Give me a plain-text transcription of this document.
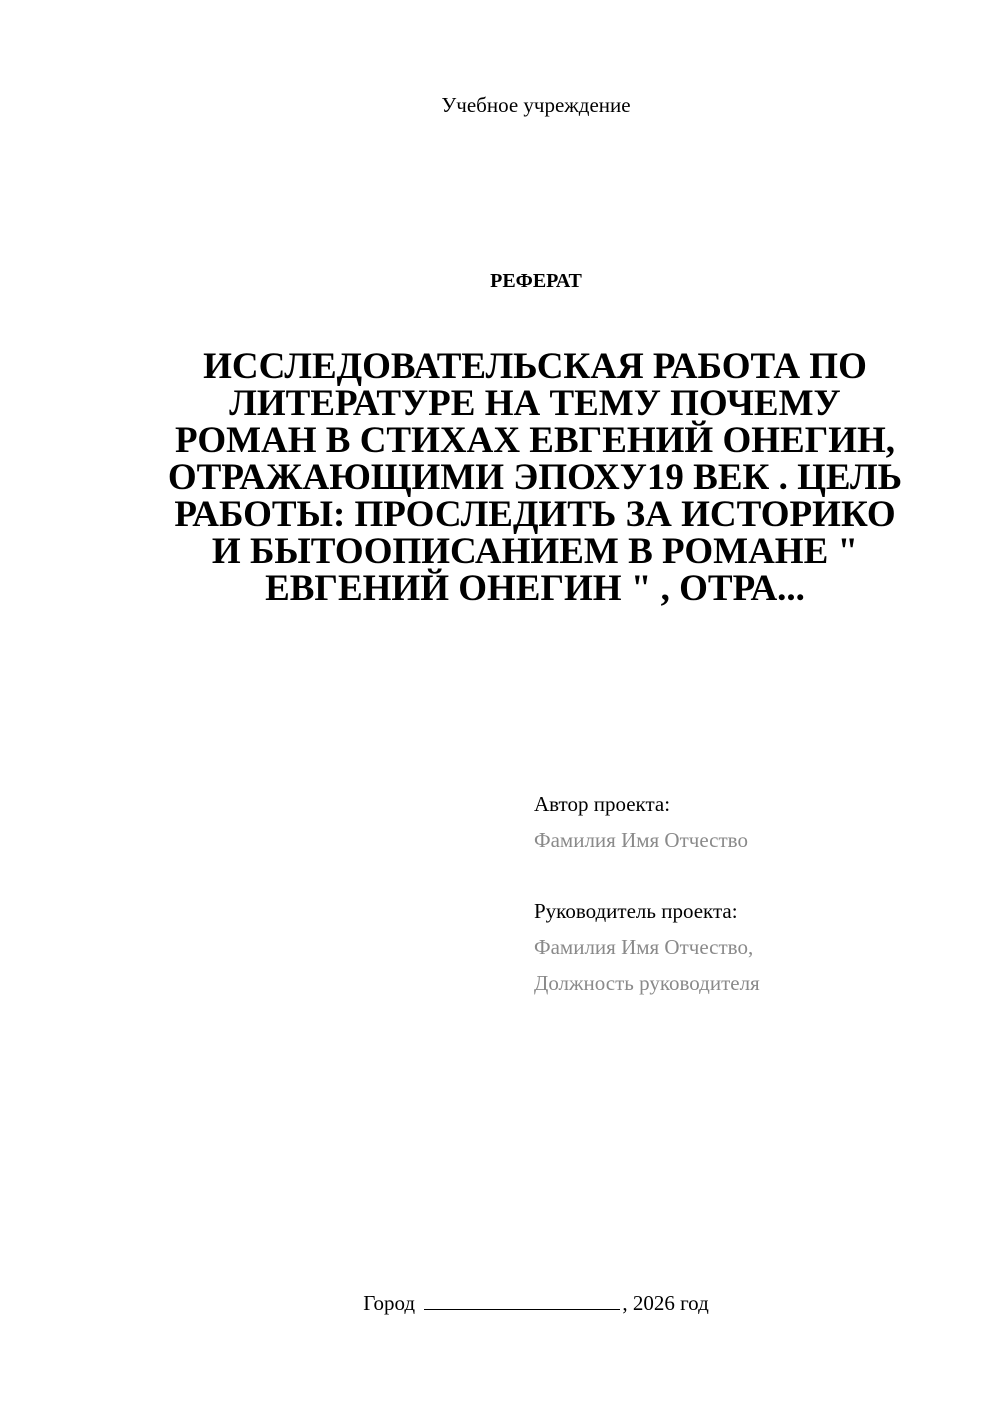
Учебное учреждение
РЕФЕРАТ
ИССЛЕДОВАТЕЛЬСКАЯ РАБОТА ПО
ЛИТЕРАТУРЕ НА ТЕМУ ПОЧЕМУ
РОМАН В СТИХАХ ЕВГЕНИЙ ОНЕГИН,
ОТРАЖАЮЩИМИ ЭПОХУ19 ВЕК . ЦЕЛЬ
РАБОТЫ: ПРОСЛЕДИТЬ ЗА ИСТОРИКО
И БЫТООПИСАНИЕМ В РОМАНЕ "
ЕВГЕНИЙ ОНЕГИН " , ОТРА...
Автор проекта:
Фамилия Имя Отчество
Руководитель проекта:
Фамилия Имя Отчество,
Должность руководителя
Город	, 2026 год
